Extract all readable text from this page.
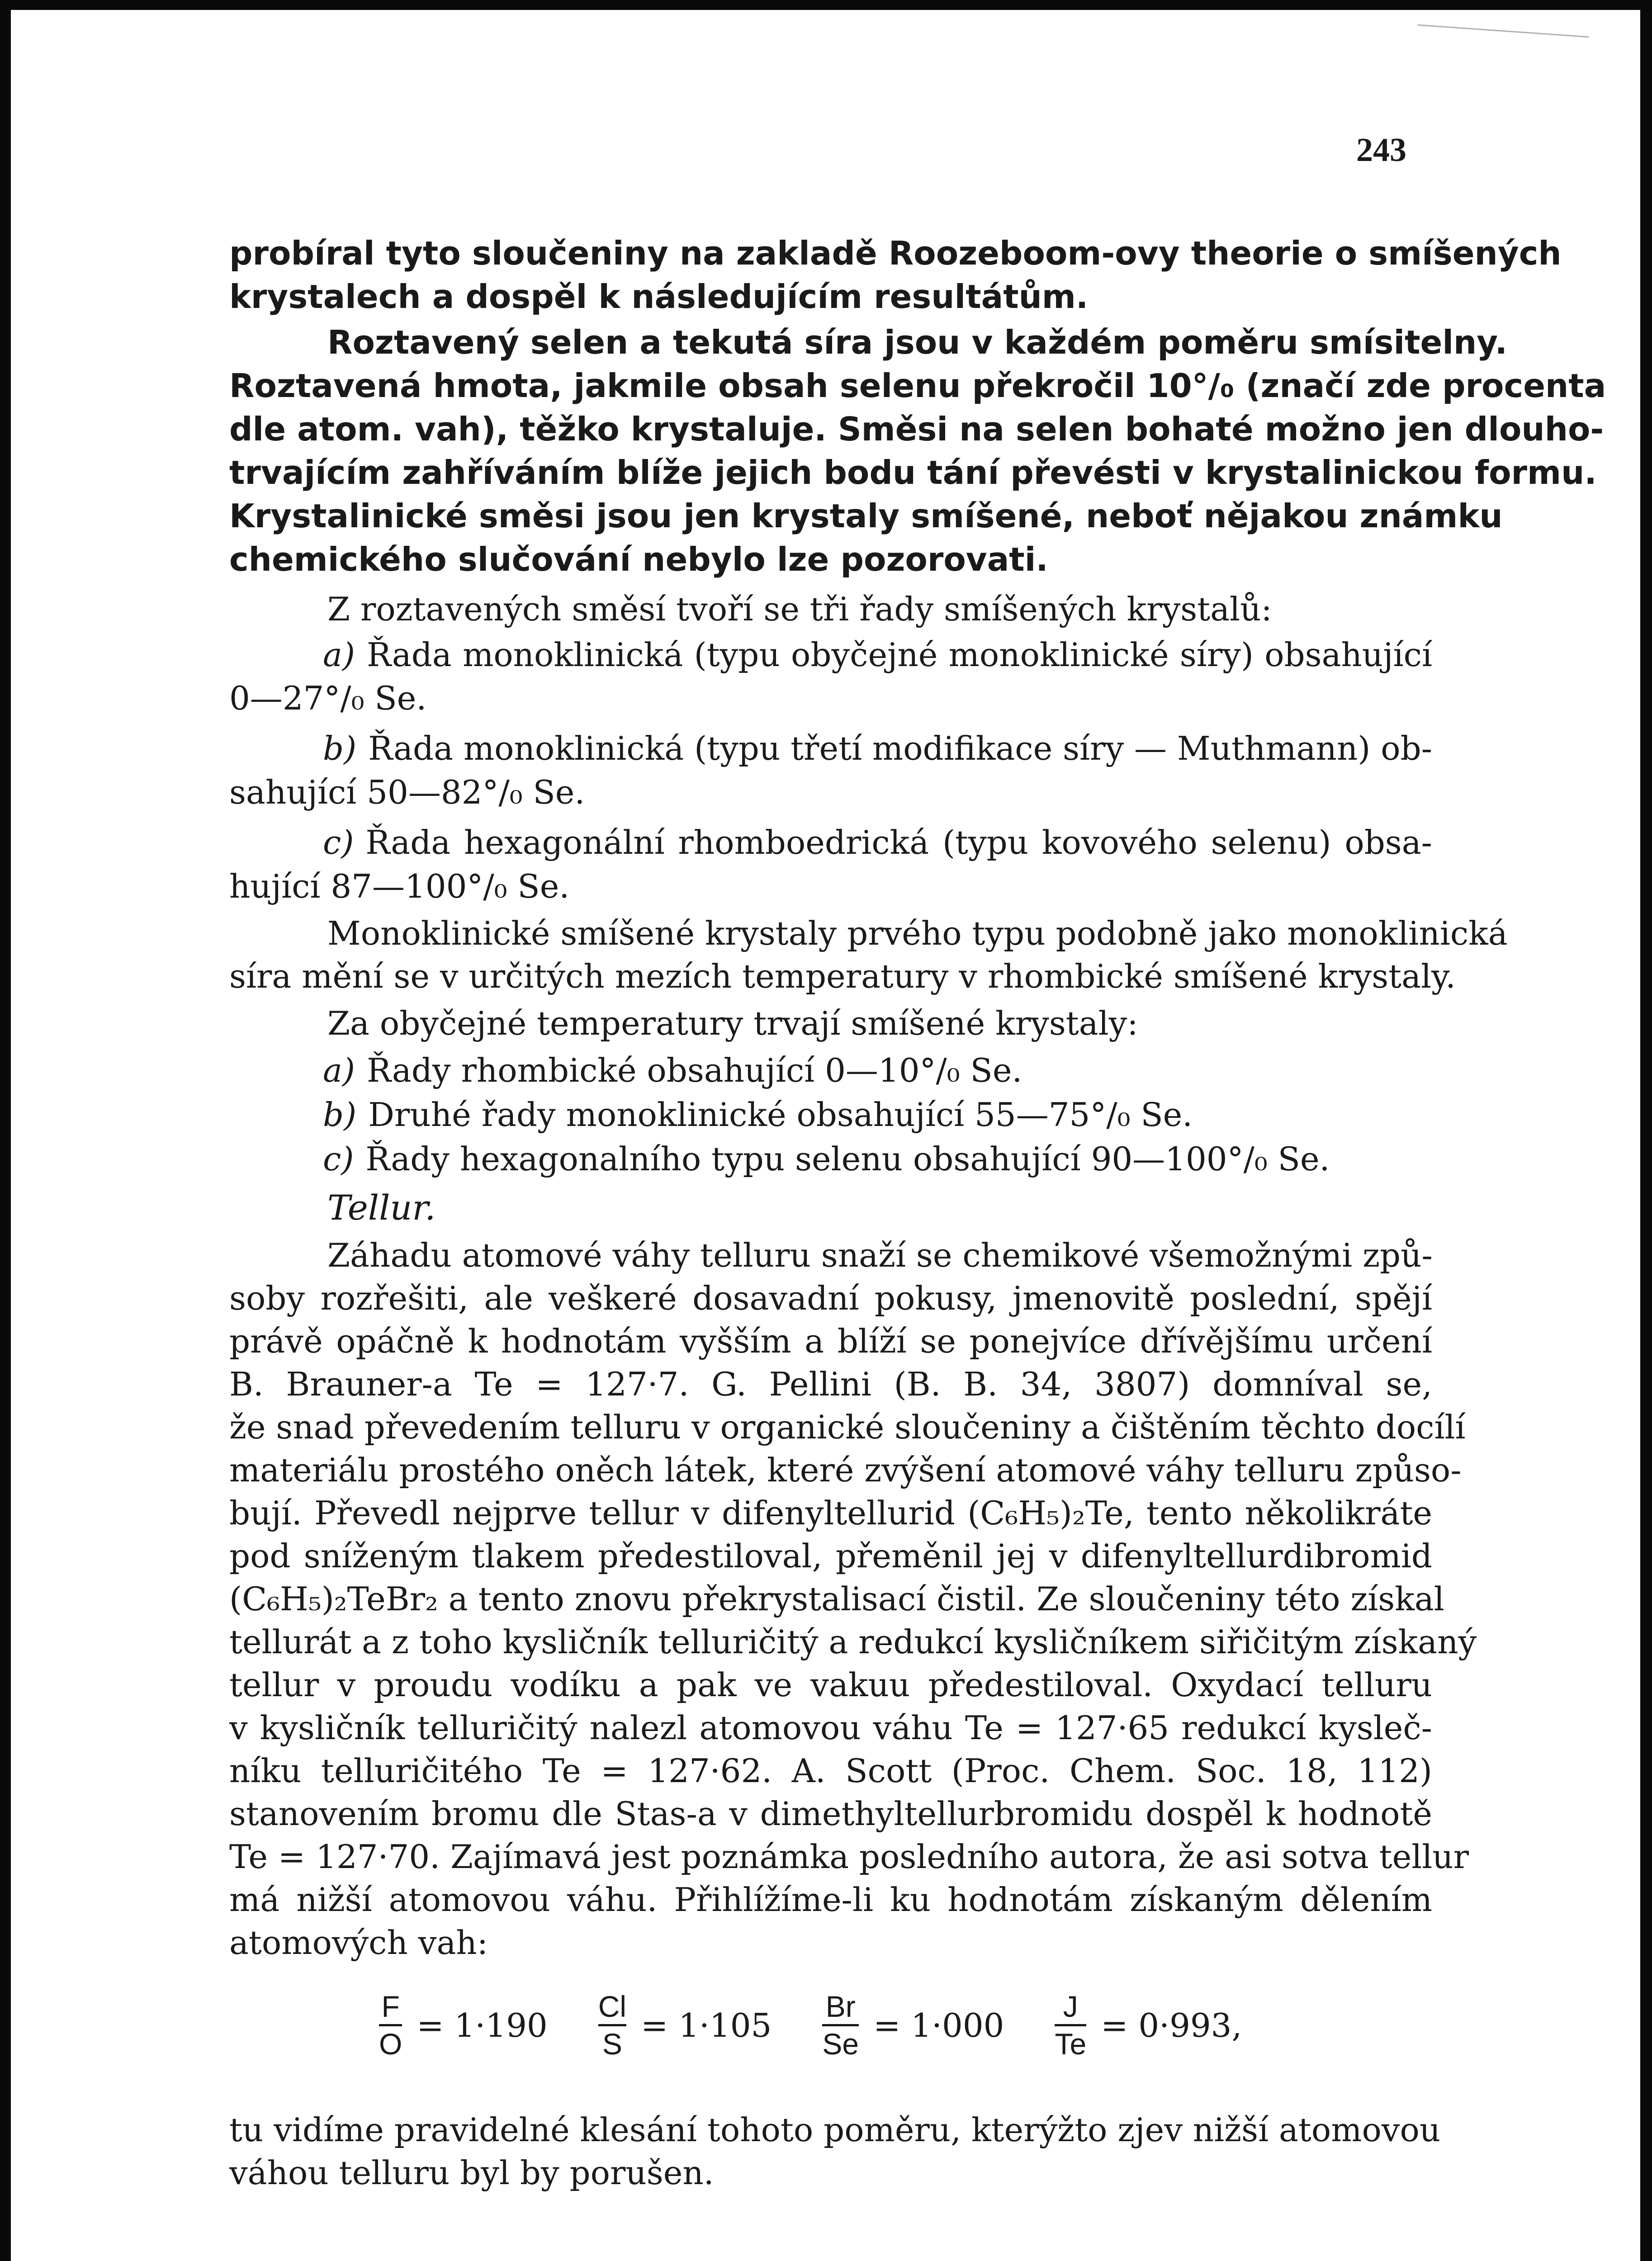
243
probíral tyto sloučeniny na zakladě Roozeboom-ovy theorie o smíšených
krystalech a dospěl k následujícím resultátům.
Roztavený selen a tekutá síra jsou v každém poměru smísitelny.
Roztavená hmota, jakmile obsah selenu překročil 10°/₀ (značí zde procenta
dle atom. vah), těžko krystaluje. Směsi na selen bohaté možno jen dlouho-
trvajícím zahříváním blíže jejich bodu tání převésti v krystalinickou formu.
Krystalinické směsi jsou jen krystaly smíšené, neboť nějakou známku
chemického slučování nebylo lze pozorovati.
Z roztavených směsí tvoří se tři řady smíšených krystalů:
a) Řada monoklinická (typu obyčejné monoklinické síry) obsahující
0—27°/₀ Se.
b) Řada monoklinická (typu třetí modifikace síry — Muthmann) ob-
sahující 50—82°/₀ Se.
c) Řada hexagonální rhomboedrická (typu kovového selenu) obsa-
hující 87—100°/₀ Se.
Monoklinické smíšené krystaly prvého typu podobně jako monoklinická
síra mění se v určitých mezích temperatury v rhombické smíšené krystaly.
Za obyčejné temperatury trvají smíšené krystaly:
a) Řady rhombické obsahující 0—10°/₀ Se.
b) Druhé řady monoklinické obsahující 55—75°/₀ Se.
c) Řady hexagonalního typu selenu obsahující 90—100°/₀ Se.
Tellur.
Záhadu atomové váhy telluru snaží se chemikové všemožnými způ-
soby rozřešiti, ale veškeré dosavadní pokusy, jmenovitě poslední, spějí
právě opáčně k hodnotám vyšším a blíží se ponejvíce dřívějšímu určení
B. Brauner-a Te = 127·7. G. Pellini (B. B. 34, 3807) domníval se,
že snad převedením telluru v organické sloučeniny a čištěním těchto docílí
materiálu prostého oněch látek, které zvýšení atomové váhy telluru způso-
bují. Převedl nejprve tellur v difenyltellurid (C₆H₅)₂Te, tento několikráte
pod sníženým tlakem předestiloval, přeměnil jej v difenyltellurdibromid
(C₆H₅)₂TeBr₂ a tento znovu překrystalisací čistil. Ze sloučeniny této získal
tellurát a z toho kysličník telluričitý a redukcí kysličníkem siřičitým získaný
tellur v proudu vodíku a pak ve vakuu předestiloval. Oxydací telluru
v kysličník telluričitý nalezl atomovou váhu Te = 127·65 redukcí kysleč-
níku telluričitého Te = 127·62. A. Scott (Proc. Chem. Soc. 18, 112)
stanovením bromu dle Stas-a v dimethyltellurbromidu dospěl k hodnotě
Te = 127·70. Zajímavá jest poznámka posledního autora, že asi sotva tellur
má nižší atomovou váhu. Přihlížíme-li ku hodnotám získaným dělením
atomových vah:
F
O = 1·190 Cl
S = 1·105 Br
Se = 1·000 J
Te = 0·993,
tu vidíme pravidelné klesání tohoto poměru, kterýžto zjev nižší atomovou
váhou telluru byl by porušen.
